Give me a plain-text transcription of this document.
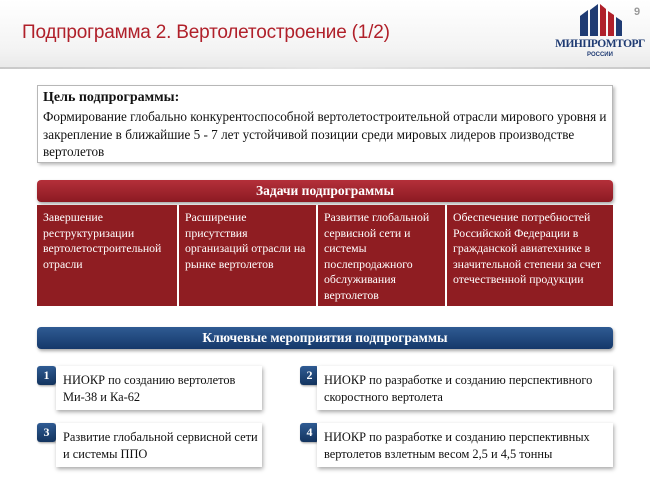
Подпрограмма 2. Вертолетостроение (1/2)
9
МИНПРОМТОРГ
РОССИИ
Цель подпрограммы:
Формирование глобально конкурентоспособной вертолетостроительной отрасли мирового уровня и закрепление в ближайшие 5 - 7 лет устойчивой позиции среди мировых лидеров производстве вертолетов
Задачи подпрограммы
Завершение реструктуризации вертолетостроительной отрасли
Расширение присутствия организаций отрасли на рынке вертолетов
Развитие глобальной сервисной сети и системы послепродажного обслуживания вертолетов
Обеспечение потребностей Российской Федерации в гражданской авиатехнике в значительной степени за счет отечественной продукции
Ключевые мероприятия подпрограммы
1	НИОКР по созданию вертолетов Ми-38 и Ка-62
2 НИОКР по разработке и созданию перспективного скоростного вертолета
3	Развитие глобальной сервисной сети и системы ППО
4 НИОКР по разработке и созданию перспективных вертолетов взлетным весом 2,5 и 4,5 тонны
